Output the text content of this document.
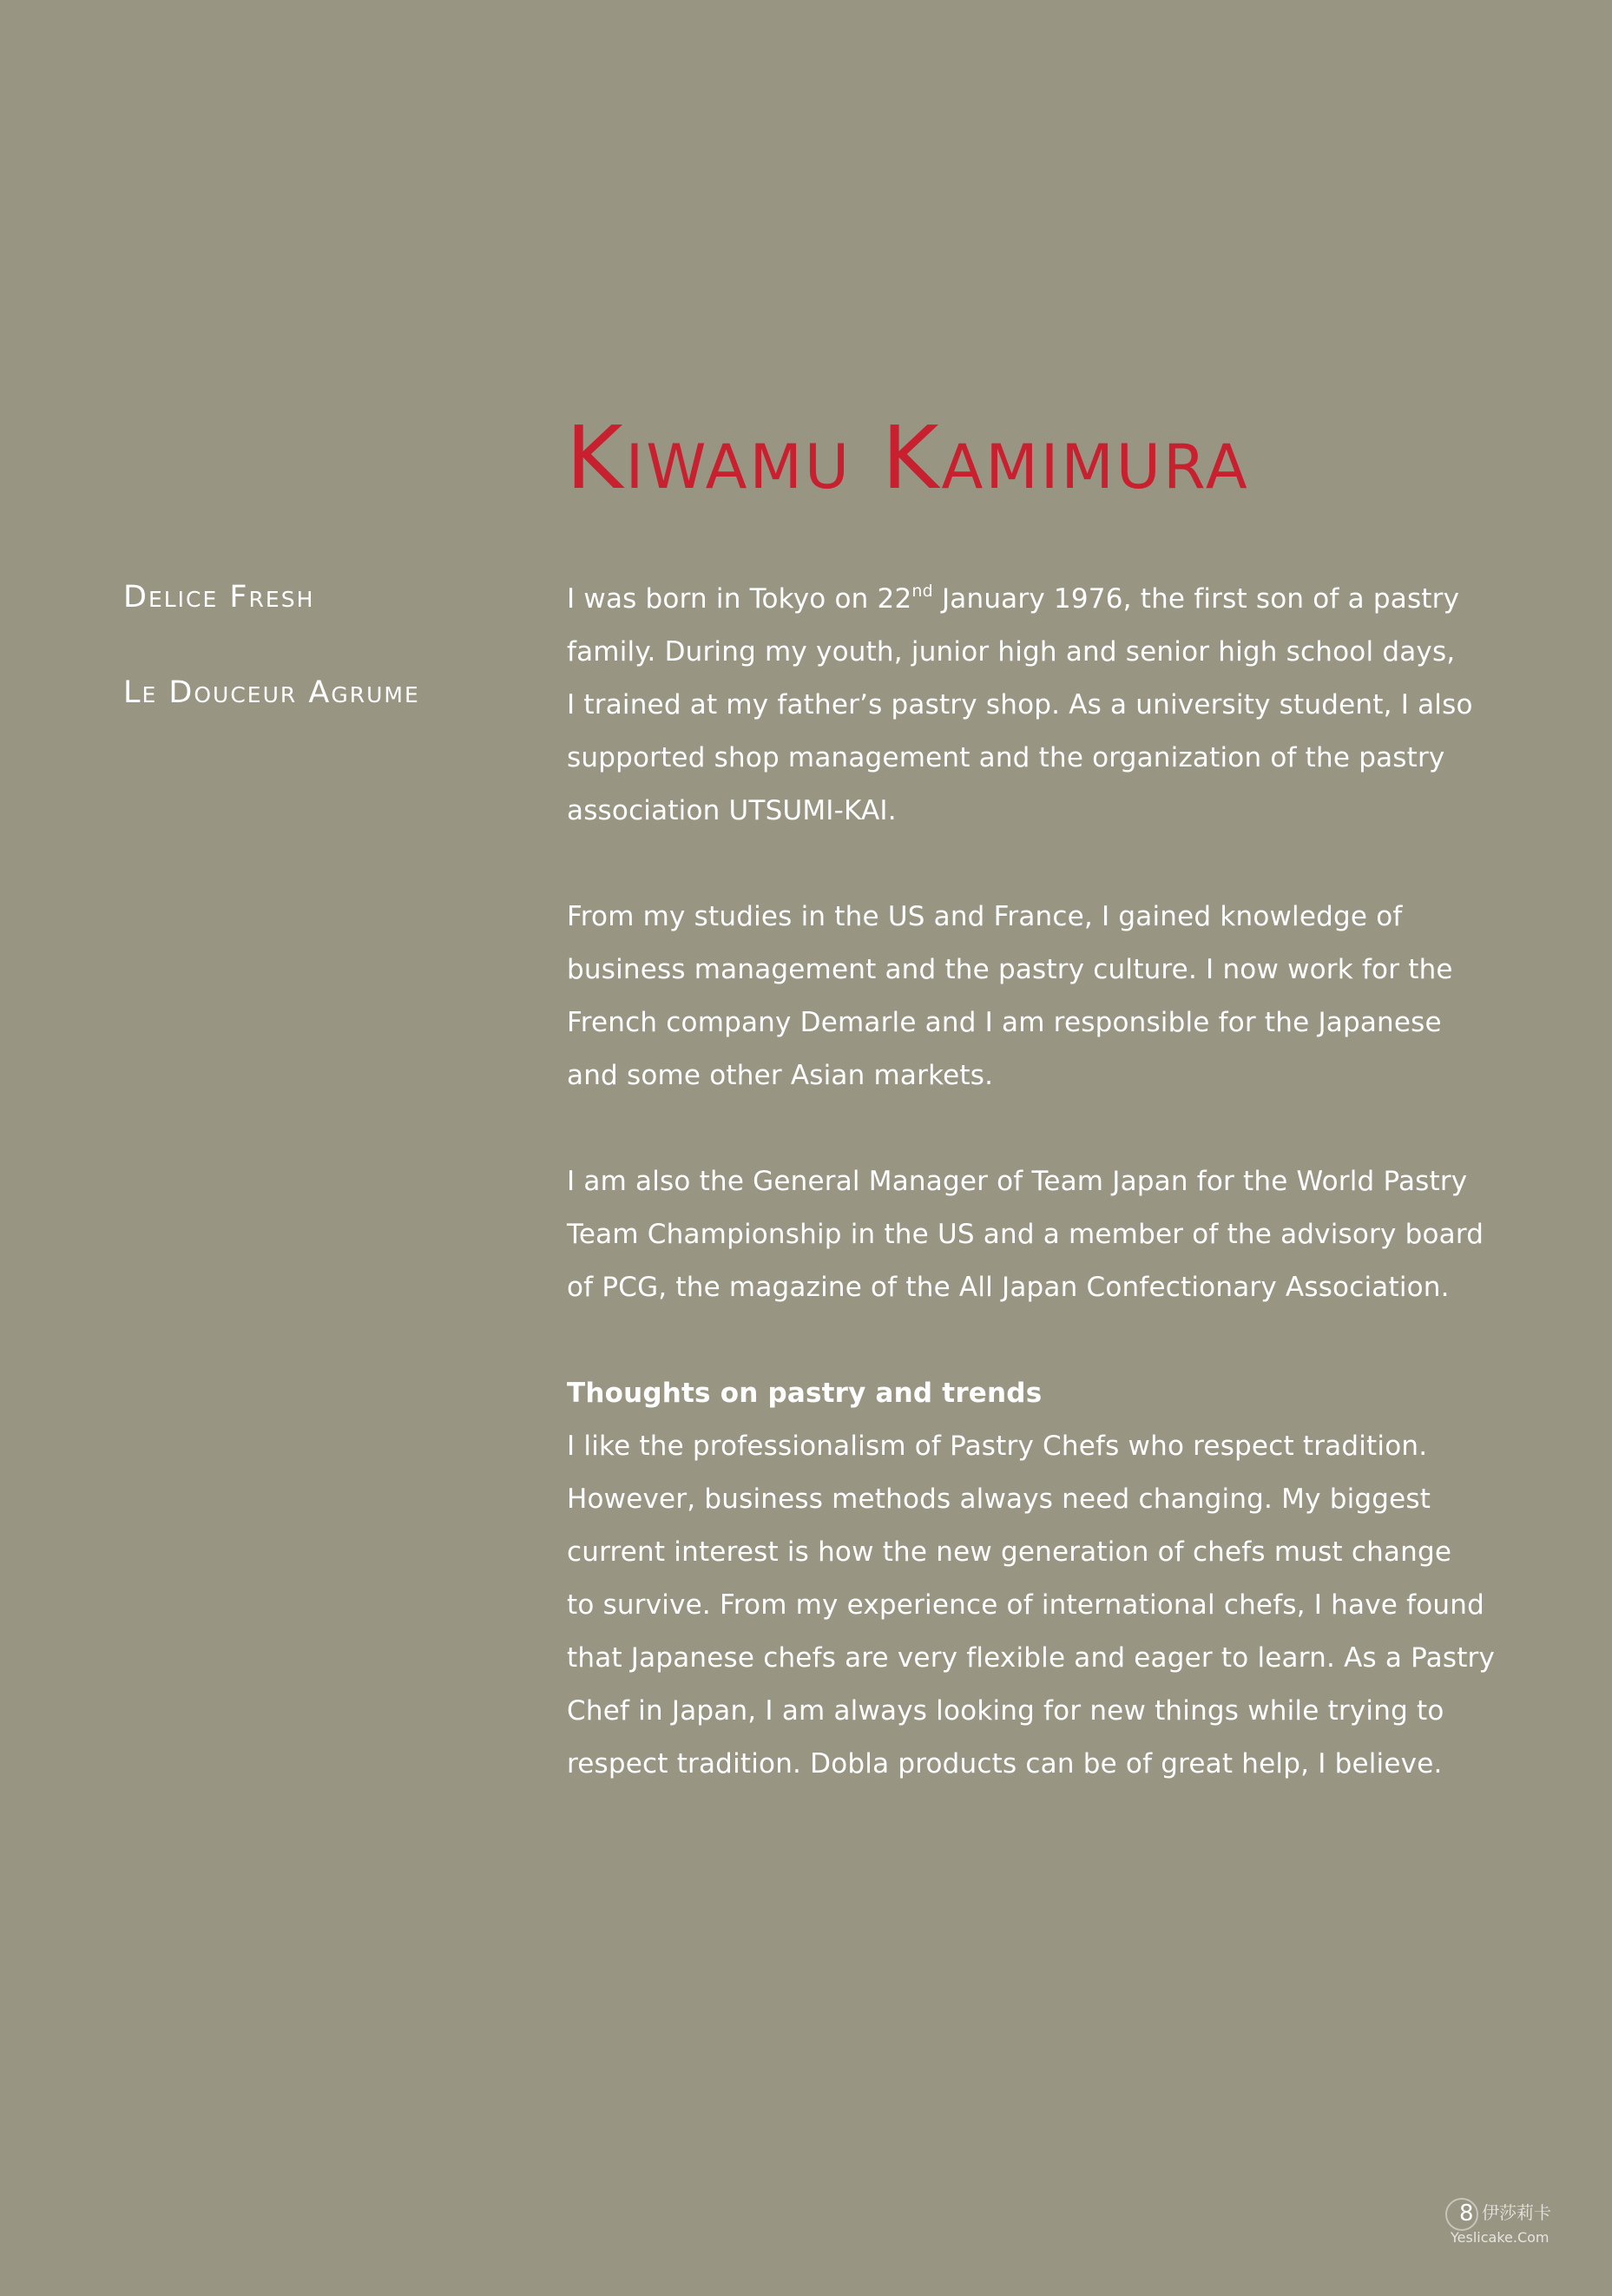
Kiwamu Kamimura
Delice Fresh
Le Douceur Agrume
I was born in Tokyo on 22nd January 1976, the first son of a pastry
family. During my youth, junior high and senior high school days,
I trained at my father’s pastry shop. As a university student, I also
supported shop management and the organization of the pastry
association UTSUMI-KAI.
From my studies in the US and France, I gained knowledge of
business management and the pastry culture. I now work for the
French company Demarle and I am responsible for the Japanese
and some other Asian markets.
I am also the General Manager of Team Japan for the World Pastry
Team Championship in the US and a member of the advisory board
of PCG, the magazine of the All Japan Confectionary Association.
Thoughts on pastry and trends
I like the professionalism of Pastry Chefs who respect tradition.
However, business methods always need changing. My biggest
current interest is how the new generation of chefs must change
to survive. From my experience of international chefs, I have found
that Japanese chefs are very flexible and eager to learn. As a Pastry
Chef in Japan, I am always looking for new things while trying to
respect tradition. Dobla products can be of great help, I believe.
8 伊莎莉卡
Yeslicake.Com
